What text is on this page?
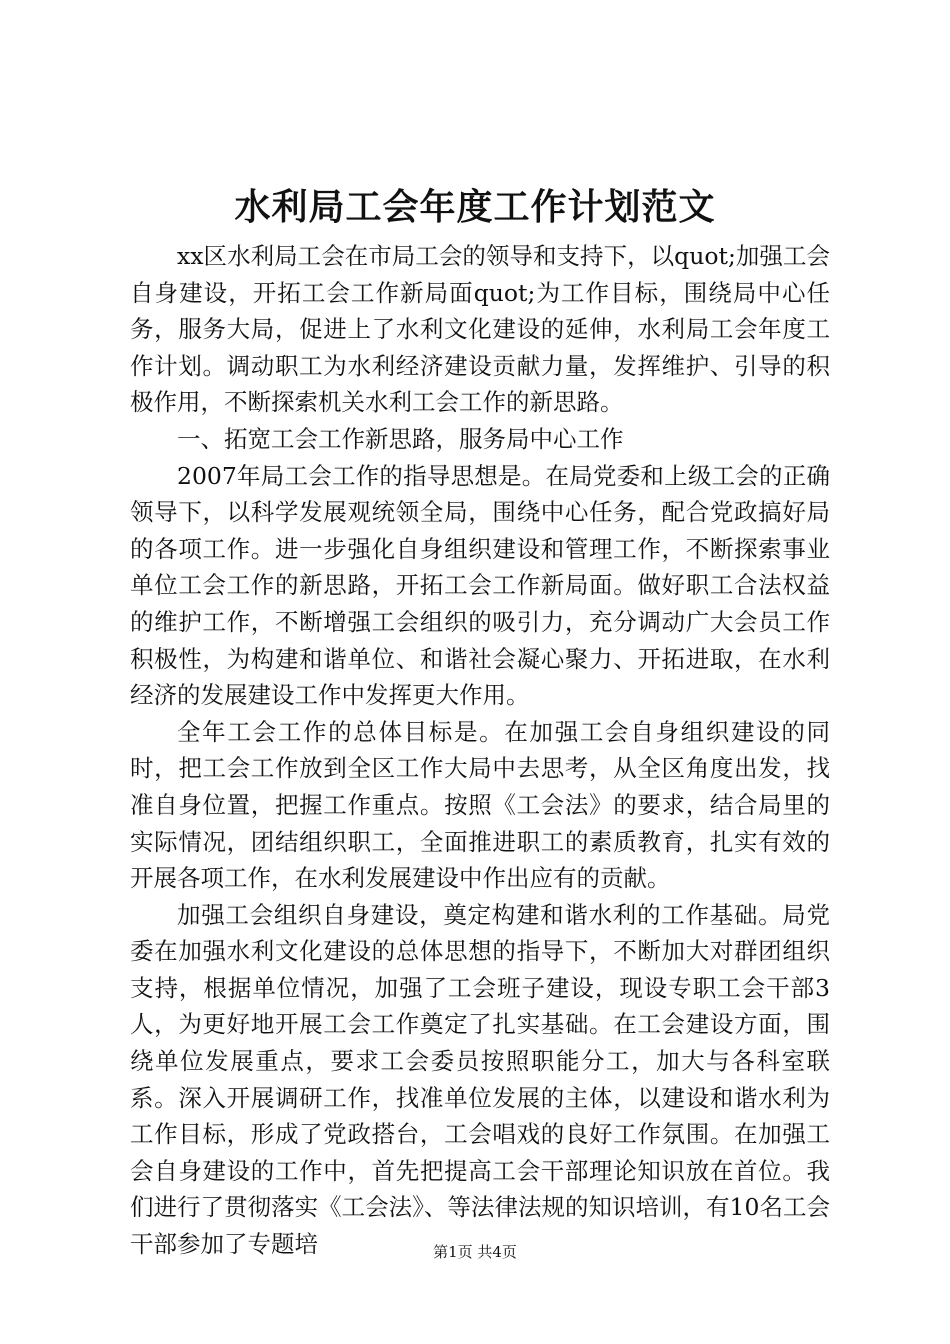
水利局工会年度工作计划范文

xx区水利局工会在市局工会的领导和支持下，以quot;加强工会自身建设，开拓工会工作新局面quot;为工作目标，围绕局中心任务，服务大局，促进上了水利文化建设的延伸，水利局工会年度工作计划。调动职工为水利经济建设贡献力量，发挥维护、引导的积极作用，不断探索机关水利工会工作的新思路。

一、拓宽工会工作新思路，服务局中心工作

2007年局工会工作的指导思想是。在局党委和上级工会的正确领导下，以科学发展观统领全局，围绕中心任务，配合党政搞好局的各项工作。进一步强化自身组织建设和管理工作，不断探索事业单位工会工作的新思路，开拓工会工作新局面。做好职工合法权益的维护工作，不断增强工会组织的吸引力，充分调动广大会员工作积极性，为构建和谐单位、和谐社会凝心聚力、开拓进取，在水利经济的发展建设工作中发挥更大作用。

全年工会工作的总体目标是。在加强工会自身组织建设的同时，把工会工作放到全区工作大局中去思考，从全区角度出发，找准自身位置，把握工作重点。按照《工会法》的要求，结合局里的实际情况，团结组织职工，全面推进职工的素质教育，扎实有效的开展各项工作，在水利发展建设中作出应有的贡献。

加强工会组织自身建设，奠定构建和谐水利的工作基础。局党委在加强水利文化建设的总体思想的指导下，不断加大对群团组织支持，根据单位情况，加强了工会班子建设，现设专职工会干部3人，为更好地开展工会工作奠定了扎实基础。在工会建设方面，围绕单位发展重点，要求工会委员按照职能分工，加大与各科室联系。深入开展调研工作，找准单位发展的主体，以建设和谐水利为工作目标，形成了党政搭台，工会唱戏的良好工作氛围。在加强工会自身建设的工作中，首先把提高工会干部理论知识放在首位。我们进行了贯彻落实《工会法》、等法律法规的知识培训，有10名工会干部参加了专题培	第1页 共4页
